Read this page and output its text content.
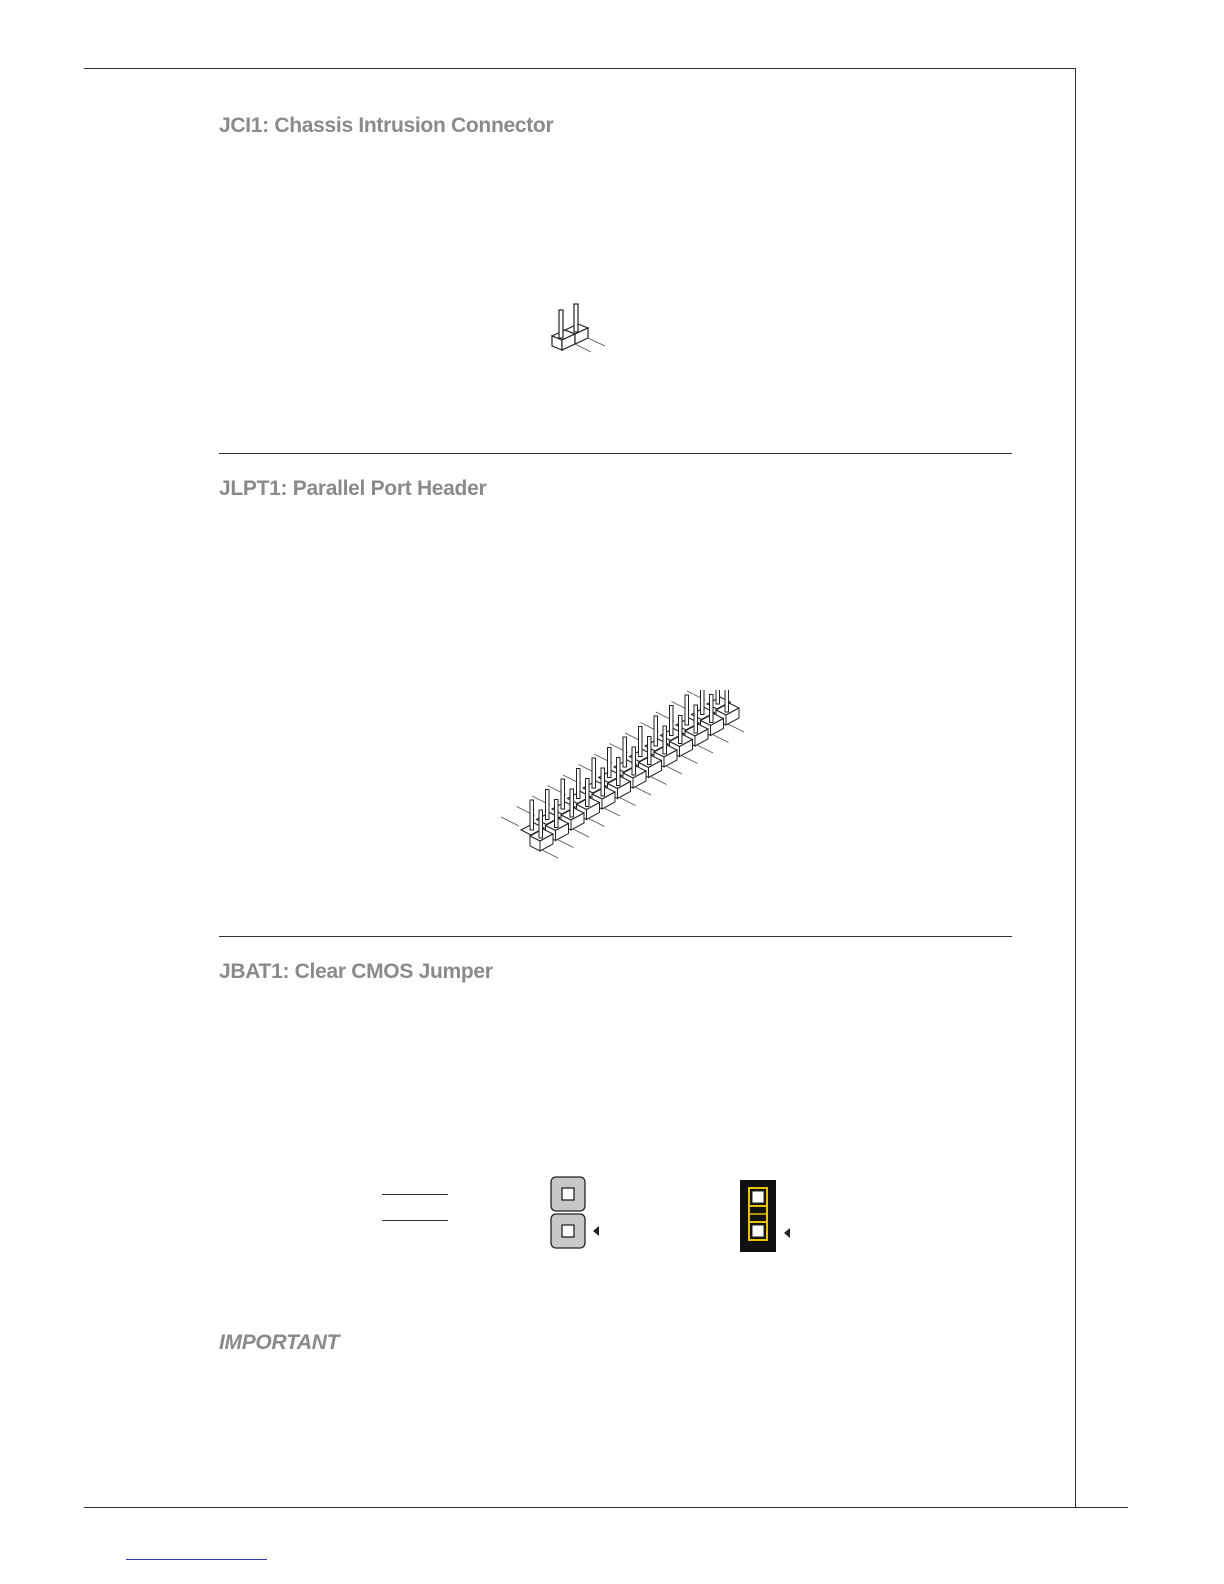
JCI1: Chassis Intrusion Connector
JLPT1: Parallel Port Header
JBAT1: Clear CMOS Jumper
IMPORTANT
